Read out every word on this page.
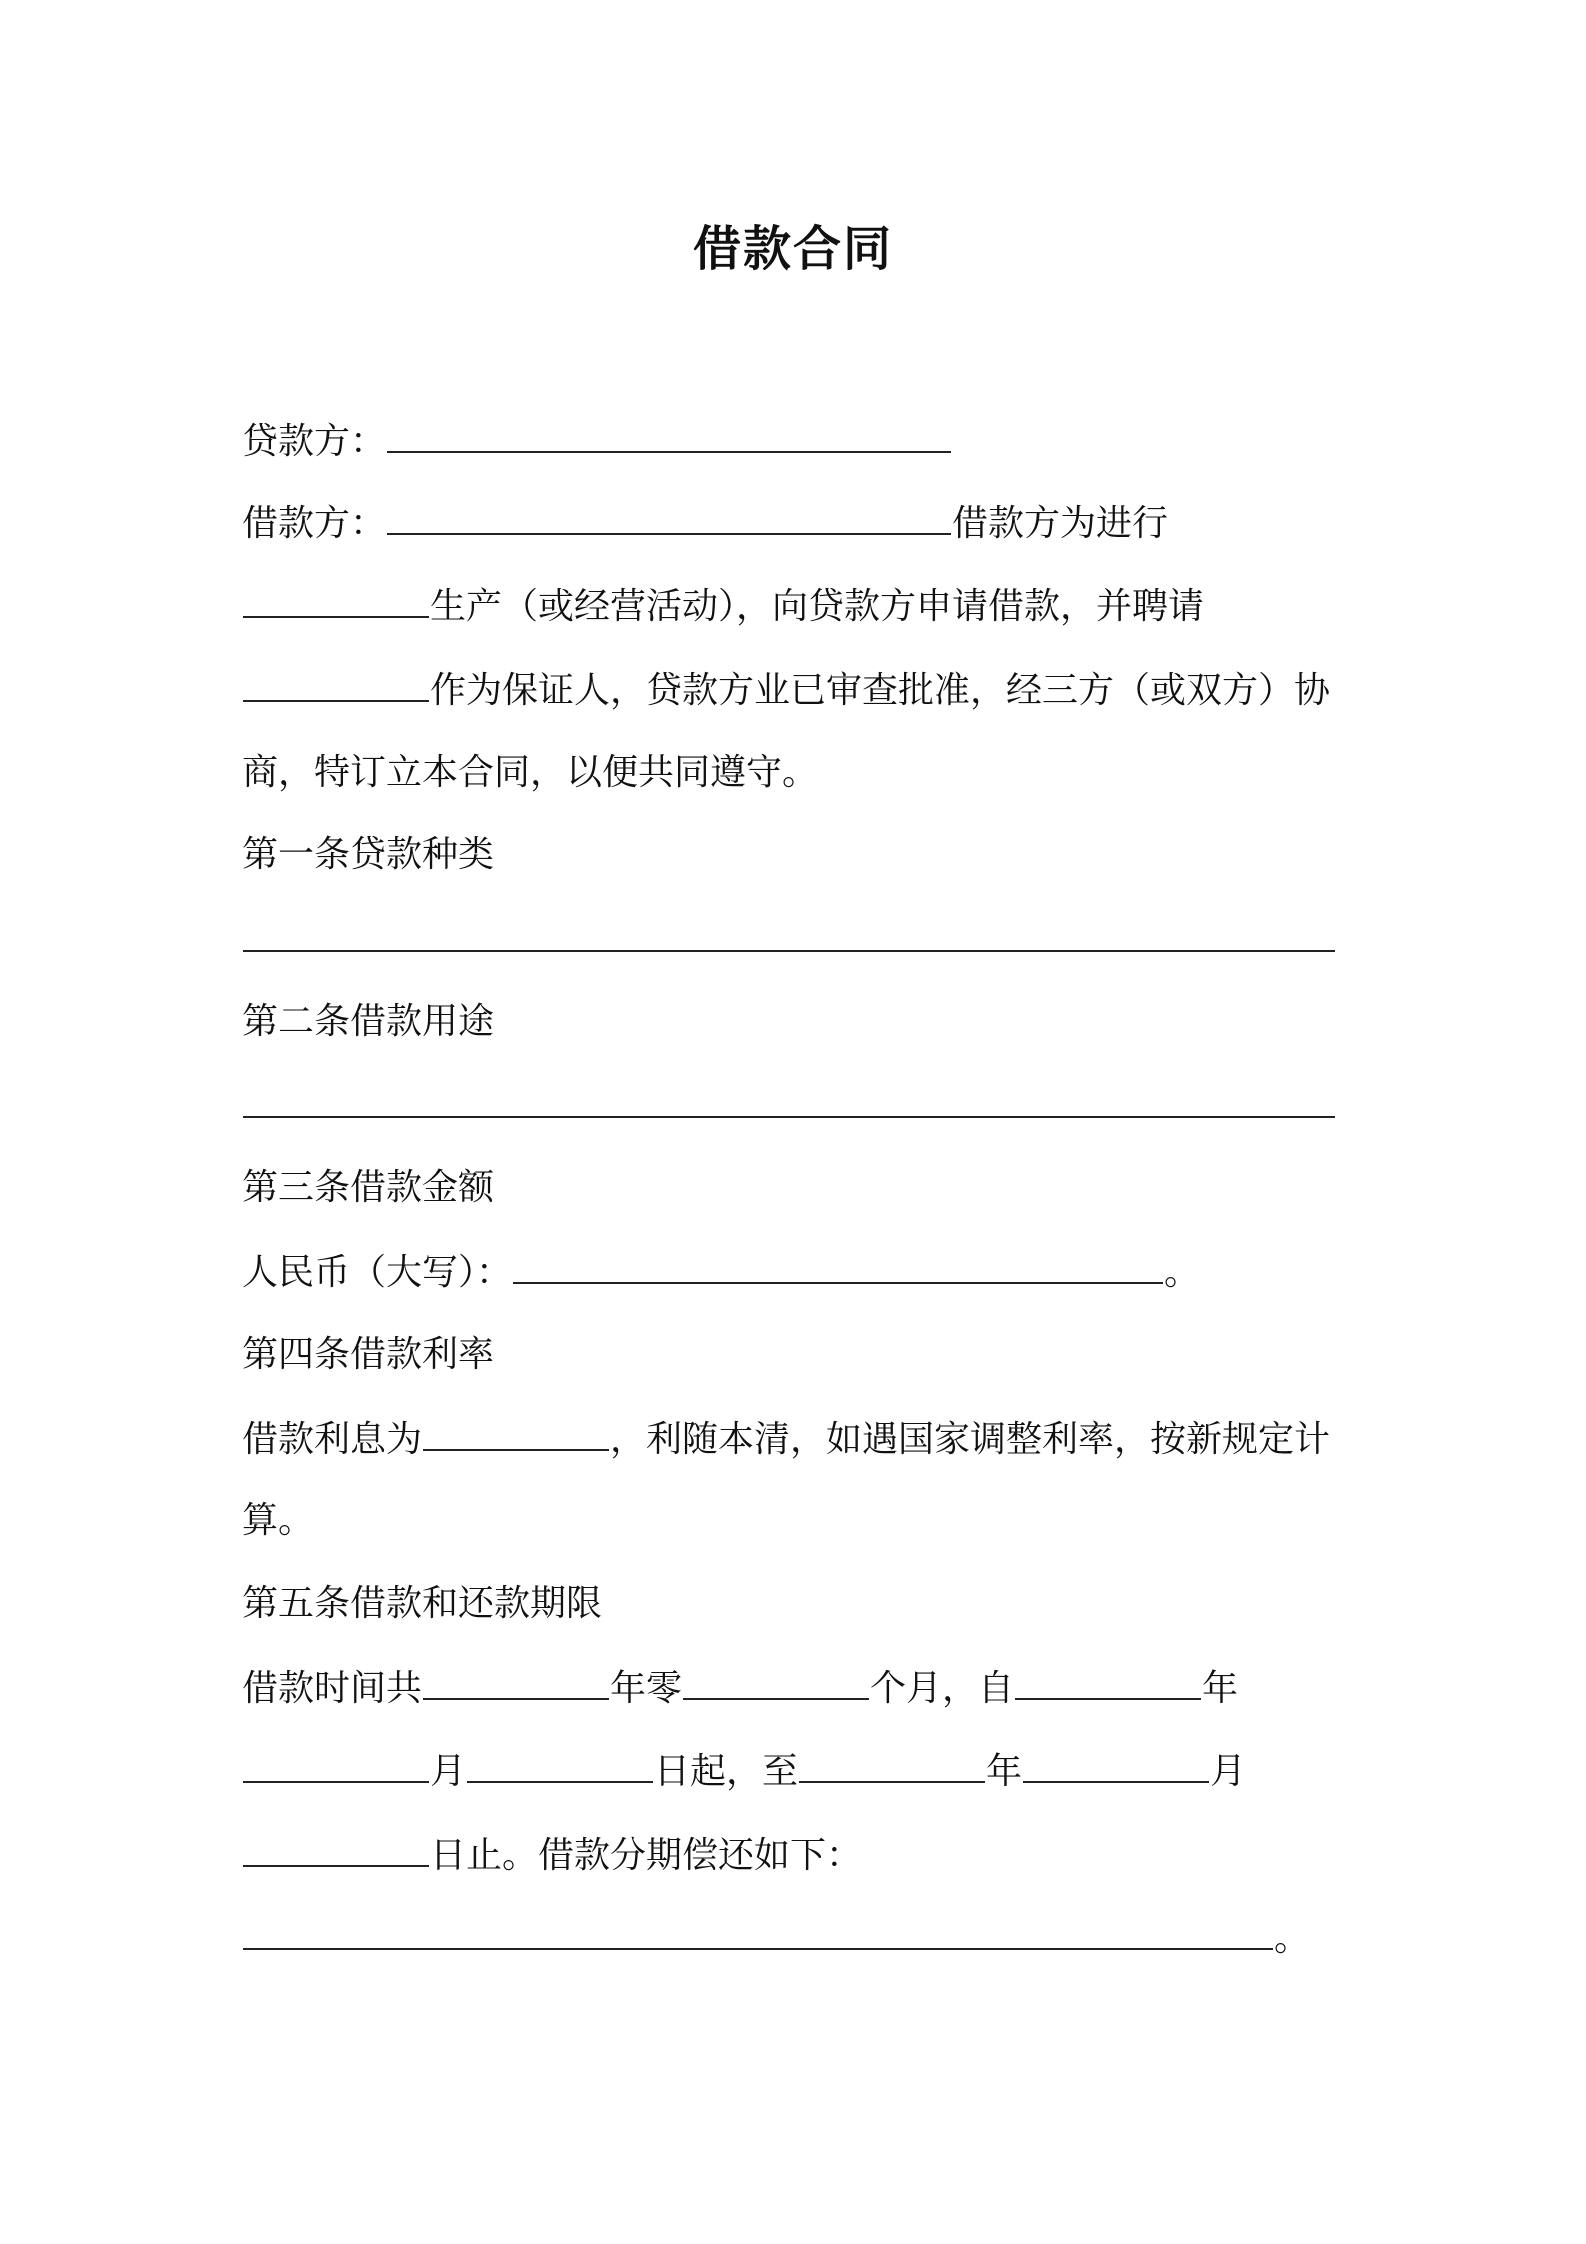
借款合同
贷款方：
借款方：	借款方为进行
生产（或经营活动），向贷款方申请借款，并聘请
作为保证人，贷款方业已审查批准，经三方（或双方）协
商，特订立本合同，以便共同遵守。
第一条贷款种类
第二条借款用途
第三条借款金额
人民币（大写）：	。
第四条借款利率
借款利息为	，利随本清，如遇国家调整利率，按新规定计
算。
第五条借款和还款期限
借款时间共	年零	个月，自	年
月	日起，至	年	月
日止。借款分期偿还如下：
。
